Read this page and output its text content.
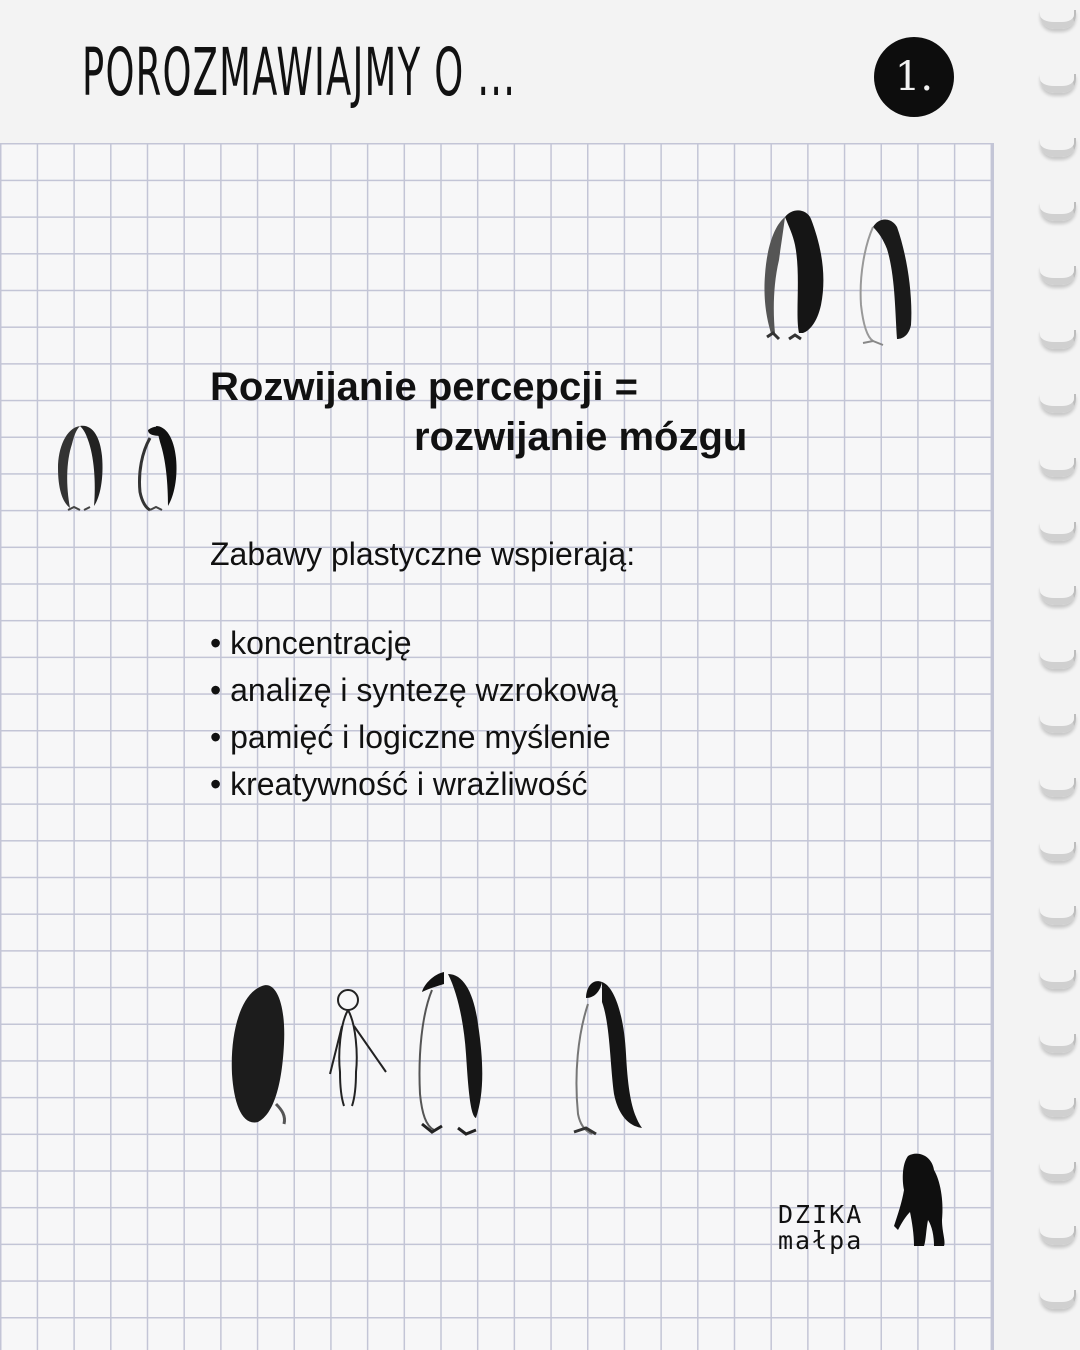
POROZMAWIAJMY O ...	1.
DZIKA
małpa
Rozwijanie percepcji =
rozwijanie mózgu
Zabawy plastyczne wspierają:
• koncentrację
• analizę i syntezę wzrokową
• pamięć i logiczne myślenie
• kreatywność i wrażliwość
